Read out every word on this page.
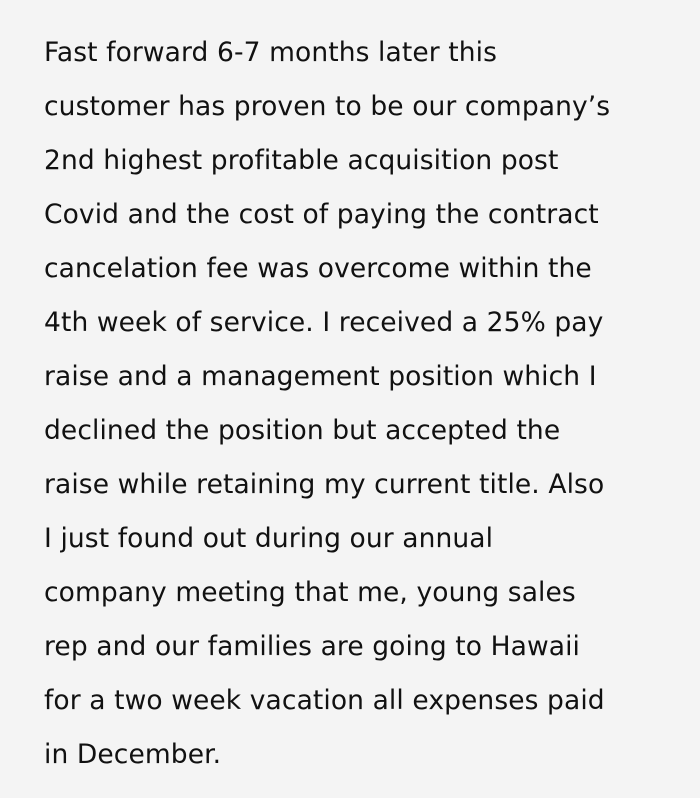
Fast forward 6-7 months later this
customer has proven to be our company’s
2nd highest profitable acquisition post
Covid and the cost of paying the contract
cancelation fee was overcome within the
4th week of service. I received a 25% pay
raise and a management position which I
declined the position but accepted the
raise while retaining my current title. Also
I just found out during our annual
company meeting that me, young sales
rep and our families are going to Hawaii
for a two week vacation all expenses paid
in December.
